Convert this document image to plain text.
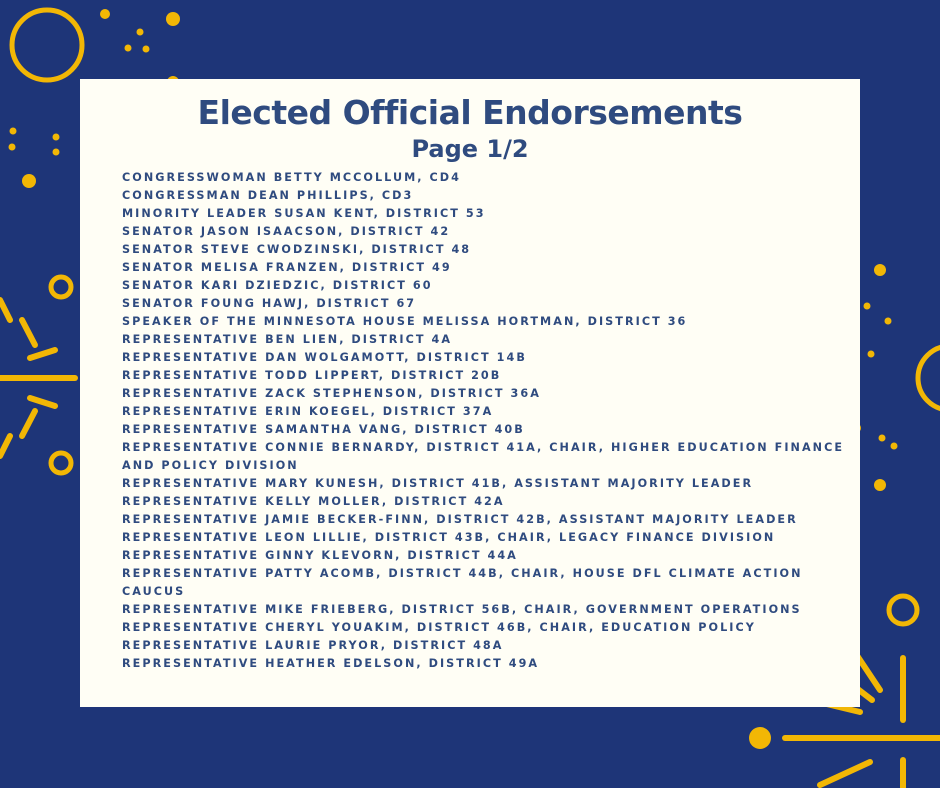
Elected Official Endorsements
Page 1/2
CONGRESSWOMAN BETTY MCCOLLUM, CD4
CONGRESSMAN DEAN PHILLIPS, CD3
MINORITY LEADER SUSAN KENT, DISTRICT 53
SENATOR JASON ISAACSON, DISTRICT 42
SENATOR STEVE CWODZINSKI, DISTRICT 48
SENATOR MELISA FRANZEN, DISTRICT 49
SENATOR KARI DZIEDZIC, DISTRICT 60
SENATOR FOUNG HAWJ, DISTRICT 67
SPEAKER OF THE MINNESOTA HOUSE MELISSA HORTMAN, DISTRICT 36
REPRESENTATIVE BEN LIEN, DISTRICT 4A
REPRESENTATIVE DAN WOLGAMOTT, DISTRICT 14B
REPRESENTATIVE TODD LIPPERT, DISTRICT 20B
REPRESENTATIVE ZACK STEPHENSON, DISTRICT 36A
REPRESENTATIVE ERIN KOEGEL, DISTRICT 37A
REPRESENTATIVE SAMANTHA VANG, DISTRICT 40B
REPRESENTATIVE CONNIE BERNARDY, DISTRICT 41A, CHAIR, HIGHER EDUCATION FINANCE AND POLICY DIVISION
REPRESENTATIVE MARY KUNESH, DISTRICT 41B, ASSISTANT MAJORITY LEADER
REPRESENTATIVE KELLY MOLLER, DISTRICT 42A
REPRESENTATIVE JAMIE BECKER-FINN, DISTRICT 42B, ASSISTANT MAJORITY LEADER
REPRESENTATIVE LEON LILLIE, DISTRICT 43B, CHAIR, LEGACY FINANCE DIVISION
REPRESENTATIVE GINNY KLEVORN, DISTRICT 44A
REPRESENTATIVE PATTY ACOMB, DISTRICT 44B, CHAIR, HOUSE DFL CLIMATE ACTION CAUCUS
REPRESENTATIVE MIKE FRIEBERG, DISTRICT 56B, CHAIR, GOVERNMENT OPERATIONS
REPRESENTATIVE CHERYL YOUAKIM, DISTRICT 46B, CHAIR, EDUCATION POLICY
REPRESENTATIVE LAURIE PRYOR, DISTRICT 48A
REPRESENTATIVE HEATHER EDELSON, DISTRICT 49A
